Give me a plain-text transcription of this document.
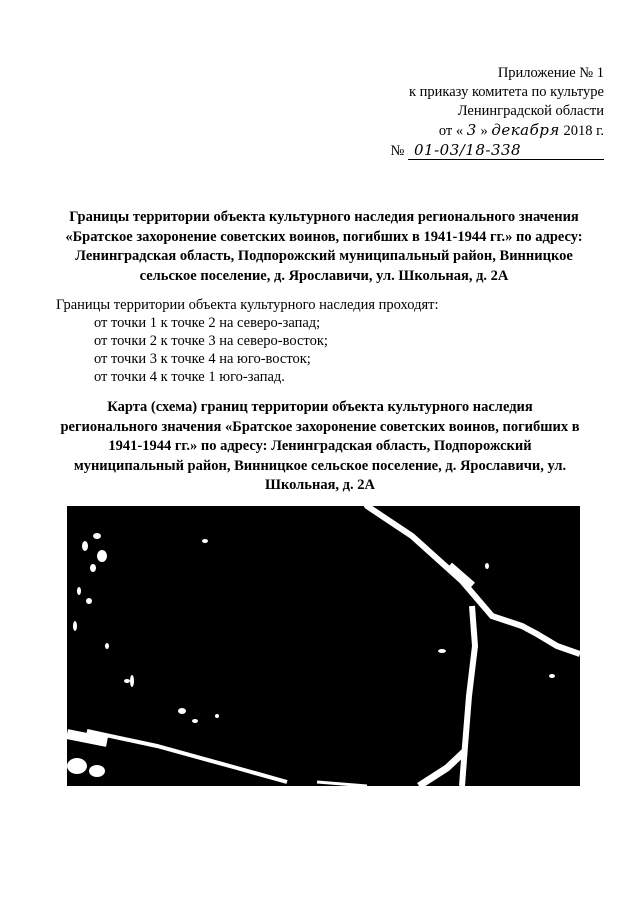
Приложение № 1
к приказу комитета по культуре
Ленинградской области
от « 3 » декабря 2018 г.
№ 01-03/18-338
Границы территории объекта культурного наследия регионального значения «Братское захоронение советских воинов, погибших в 1941-1944 гг.» по адресу: Ленинградская область, Подпорожский муниципальный район, Винницкое сельское поселение, д. Ярославичи, ул. Школьная, д. 2А
Границы территории объекта культурного наследия проходят:
от точки 1 к точке 2 на северо-запад;
от точки 2 к точке 3 на северо-восток;
от точки 3 к точке 4 на юго-восток;
от точки 4 к точке 1 юго-запад.
Карта (схема) границ территории объекта культурного наследия регионального значения «Братское захоронение советских воинов, погибших в 1941-1944 гг.» по адресу: Ленинградская область, Подпорожский муниципальный район, Винницкое сельское поселение, д. Ярославичи, ул. Школьная, д. 2А
